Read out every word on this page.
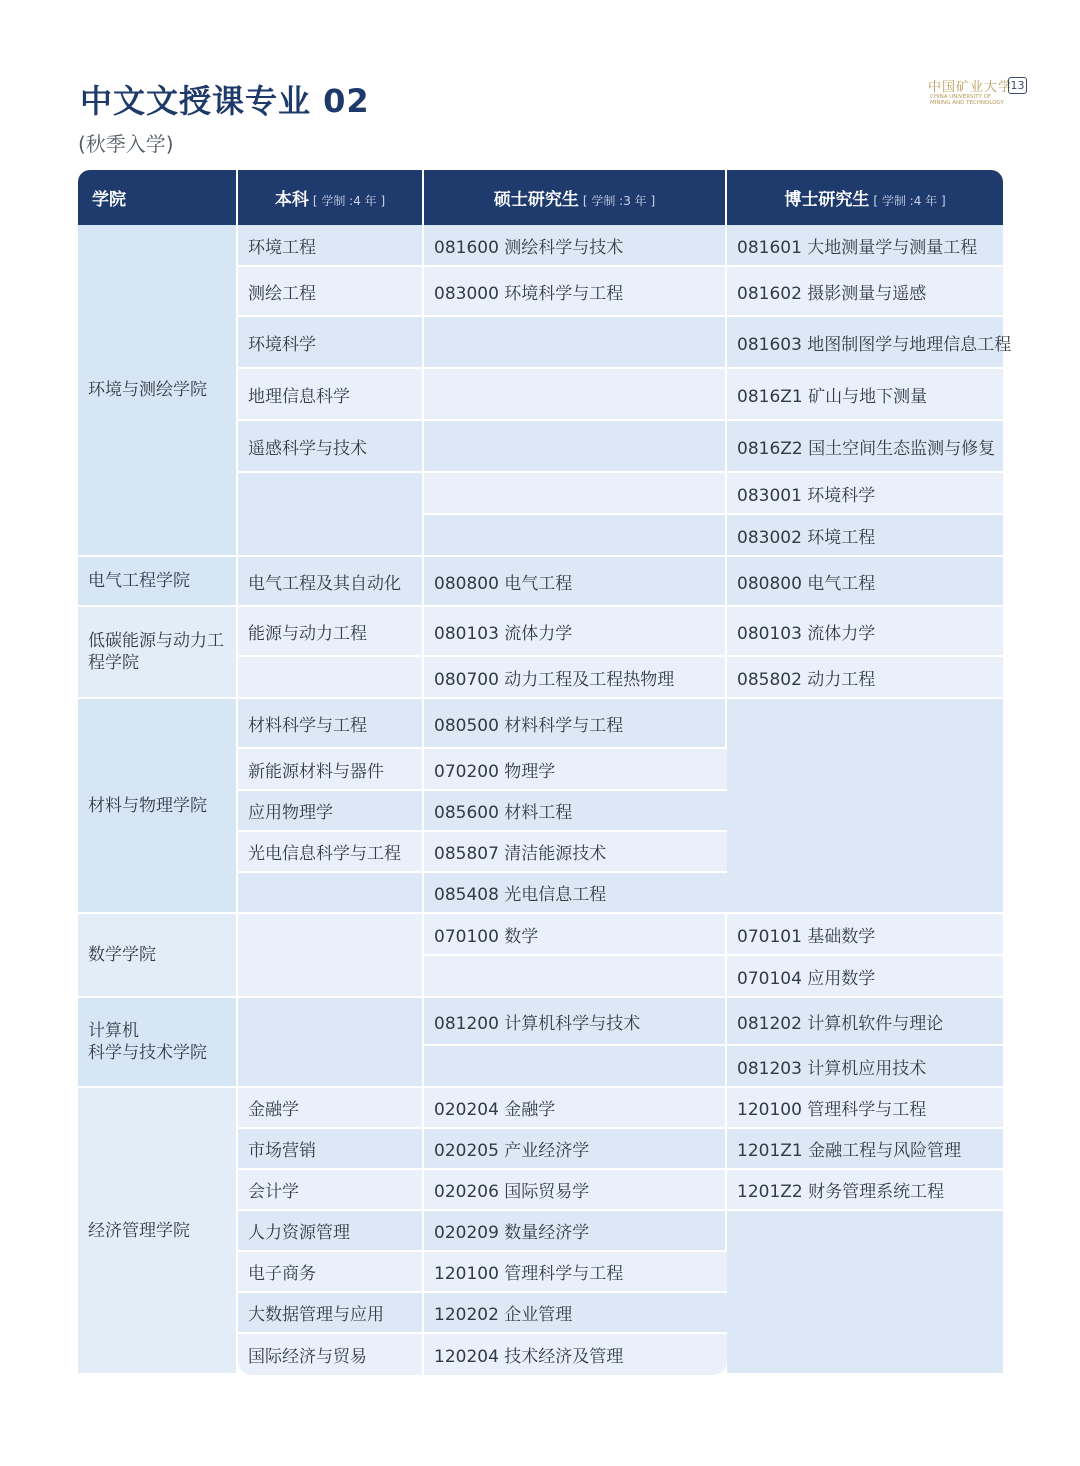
中文文授课专业 02
(秋季入学)
中国矿业大学
CHINA UNIVERSITY OF MINING AND TECHNOLOGY
13
学院	本科 [ 学制 :4 年 ]	硕士研究生 [ 学制 :3 年 ]	博士研究生 [ 学制 :4 年 ]
环境与测绘学院	环境工程	081600 测绘科学与技术	081601 大地测量学与测量工程
	测绘工程	083000 环境科学与工程	081602 摄影测量与遥感
	环境科学		081603 地图制图学与地理信息工程
	地理信息科学		0816Z1 矿山与地下测量
	遥感科学与技术		0816Z2 国土空间生态监测与修复
			083001 环境科学
			083002 环境工程
电气工程学院	电气工程及其自动化	080800 电气工程	080800 电气工程
低碳能源与动力工程学院	能源与动力工程	080103 流体力学	080103 流体力学
		080700 动力工程及工程热物理	085802 动力工程
材料与物理学院	材料科学与工程	080500 材料科学与工程	
	新能源材料与器件	070200 物理学	
	应用物理学	085600 材料工程	
	光电信息科学与工程	085807 清洁能源技术	
		085408 光电信息工程	
数学学院		070100 数学	070101 基础数学
			070104 应用数学
计算机
科学与技术学院		081200 计算机科学与技术	081202 计算机软件与理论
			081203 计算机应用技术
经济管理学院	金融学	020204 金融学	120100 管理科学与工程
	市场营销	020205 产业经济学	1201Z1 金融工程与风险管理
	会计学	020206 国际贸易学	1201Z2 财务管理系统工程
	人力资源管理	020209 数量经济学	
	电子商务	120100 管理科学与工程	
	大数据管理与应用	120202 企业管理	
	国际经济与贸易	120204 技术经济及管理	
